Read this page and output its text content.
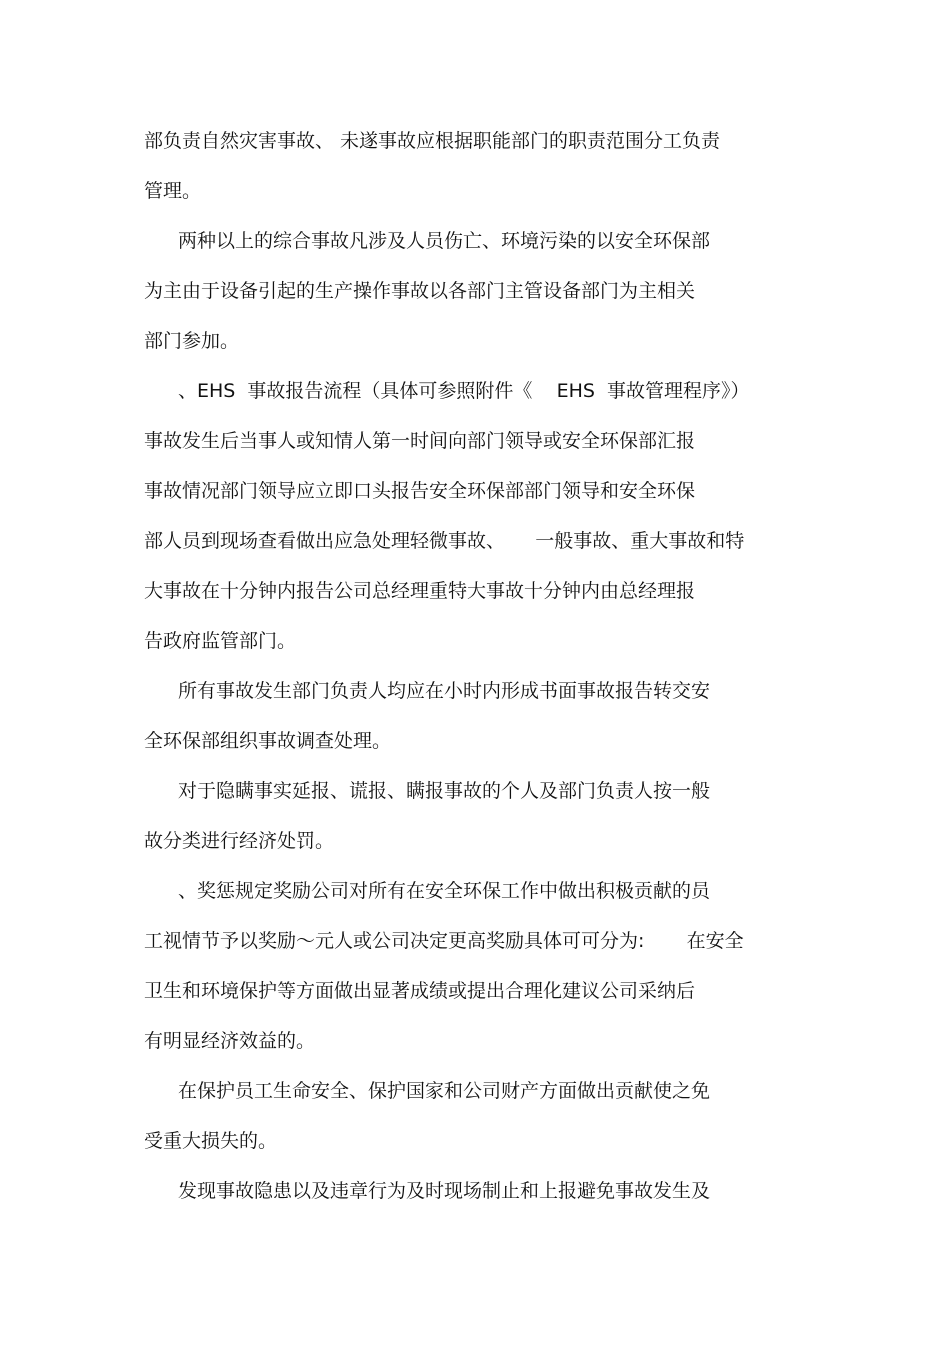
部负责自然灾害事故、 未遂事故应根据职能部门的职责范围分工负责
管理。
两种以上的综合事故凡涉及人员伤亡、环境污染的以安全环保部
为主由于设备引起的生产操作事故以各部门主管设备部门为主相关
部门参加。
、EHS  事故报告流程（具体可参照附件《    EHS  事故管理程序》）
事故发生后当事人或知情人第一时间向部门领导或安全环保部汇报
事故情况部门领导应立即口头报告安全环保部部门领导和安全环保
部人员到现场查看做出应急处理轻微事故、     一般事故、重大事故和特
大事故在十分钟内报告公司总经理重特大事故十分钟内由总经理报
告政府监管部门。
所有事故发生部门负责人均应在小时内形成书面事故报告转交安
全环保部组织事故调查处理。
对于隐瞒事实延报、谎报、瞒报事故的个人及部门负责人按一般
故分类进行经济处罚。
、奖惩规定奖励公司对所有在安全环保工作中做出积极贡献的员
工视情节予以奖励～元人或公司决定更高奖励具体可可分为:       在安全
卫生和环境保护等方面做出显著成绩或提出合理化建议公司采纳后
有明显经济效益的。
在保护员工生命安全、保护国家和公司财产方面做出贡献使之免
受重大损失的。
发现事故隐患以及违章行为及时现场制止和上报避免事故发生及
